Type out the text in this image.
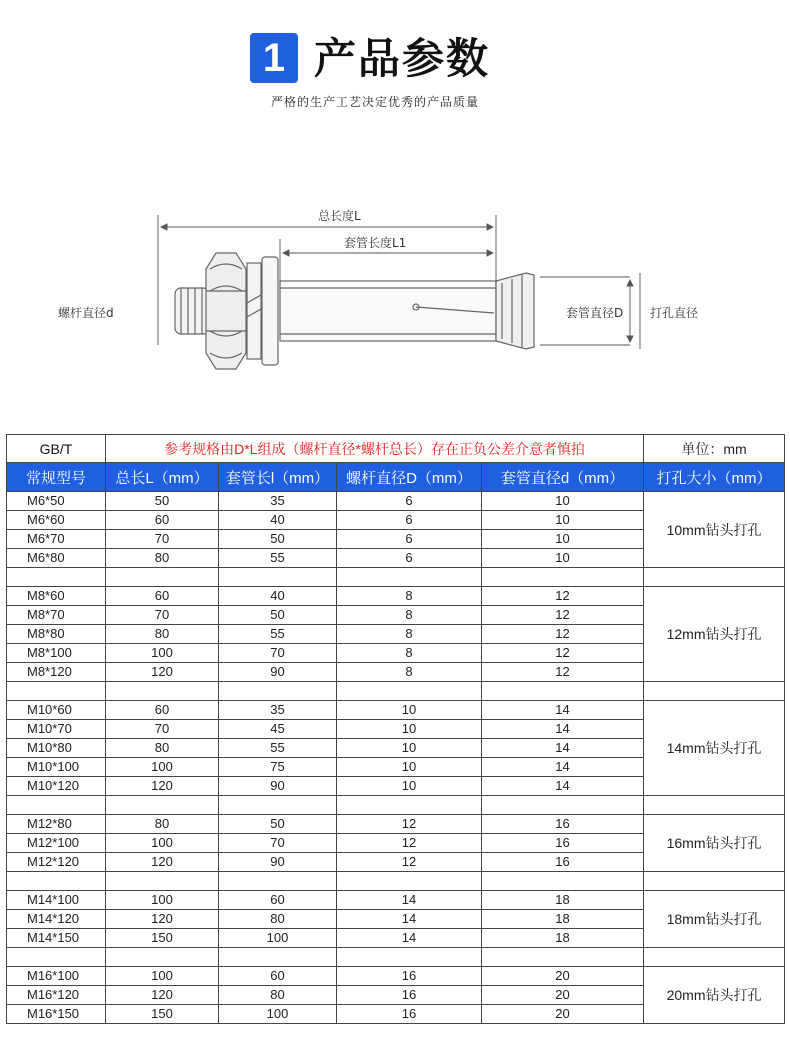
1 产品参数
严格的生产工艺决定优秀的产品质量
总长度L
套管长度L1
螺杆直径d	套管直径D 打孔直径
GB/T	参考规格由D*L组成（螺杆直径*螺杆总长）存在正负公差介意者慎拍				单位：mm
常规型号	总长L（mm）	套管长l（mm）	螺杆直径D（mm）	套管直径d（mm）	打孔大小（mm）
M6*50	50	35	6	10	10mm钻头打孔
M6*60	60	40	6	10	
M6*70	70	50	6	10	
M6*80	80	55	6	10	

M8*60	60	40	8	12	12mm钻头打孔
M8*70	70	50	8	12	
M8*80	80	55	8	12	
M8*100	100	70	8	12	
M8*120	120	90	8	12	

M10*60	60	35	10	14	14mm钻头打孔
M10*70	70	45	10	14	
M10*80	80	55	10	14	
M10*100	100	75	10	14	
M10*120	120	90	10	14	

M12*80	80	50	12	16	16mm钻头打孔
M12*100	100	70	12	16	
M12*120	120	90	12	16	

M14*100	100	60	14	18	18mm钻头打孔
M14*120	120	80	14	18	
M14*150	150	100	14	18	

M16*100	100	60	16	20	20mm钻头打孔
M16*120	120	80	16	20	
M16*150	150	100	16	20	
